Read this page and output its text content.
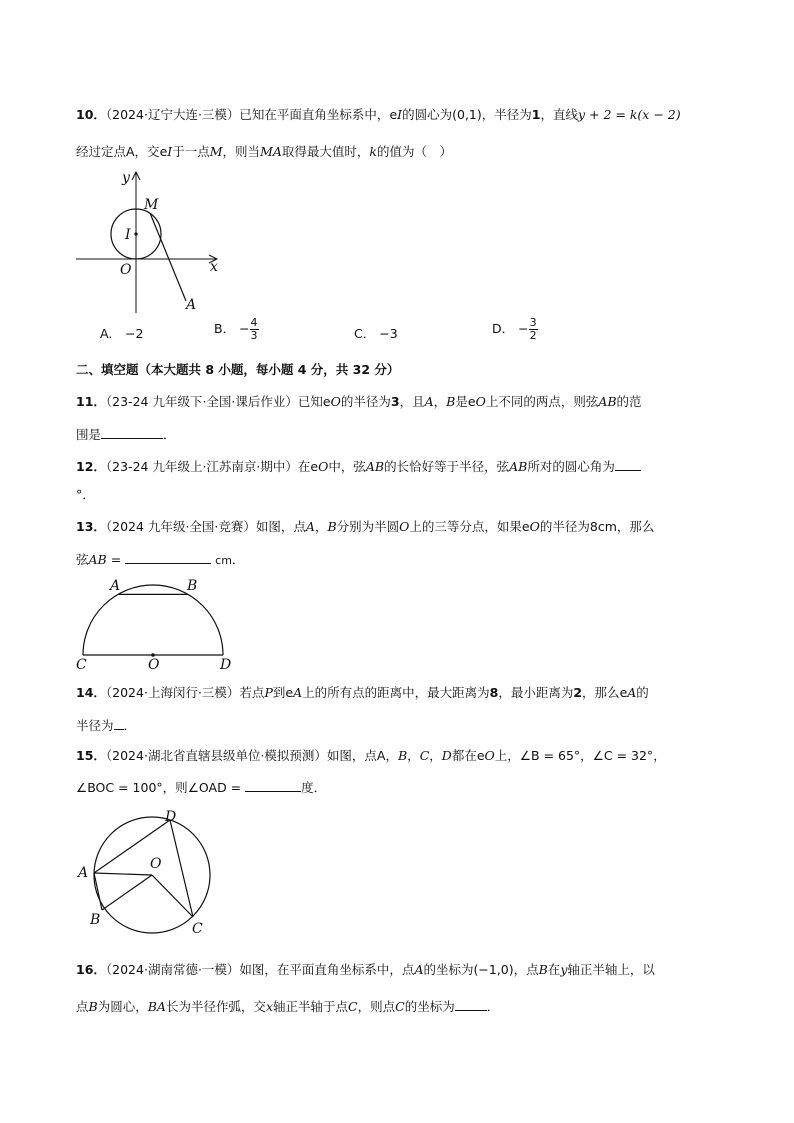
10．（2024·辽宁大连·三模）已知在平面直角坐标系中，eI的圆心为(0,1)，半径为1，直线y + 2 = k(x − 2)
经过定点A，交eI于一点M，则当MA取得最大值时，k的值为（　）
y
x
O
I
M
A
A． −2	B． − $\frac{4}{3}$	C． −3	D． − $\frac{3}{2}$
二、填空题（本大题共 8 小题，每小题 4 分，共 32 分）
11．（23-24 九年级下·全国·课后作业）已知eO的半径为3，且A，B是eO上不同的两点，则弦AB的范
围是	．
12．（23-24 九年级上·江苏南京·期中）在eO中，弦AB的长恰好等于半径，弦AB所对的圆心角为
°．
13．（2024 九年级·全国·竞赛）如图，点A，B分别为半圆O上的三等分点，如果eO的半径为8cm，那么
弦AB =	cm．
A	B
C	O	D
14．（2024·上海闵行·三模）若点P到eA上的所有点的距离中，最大距离为8，最小距离为2，那么eA的
半径为 ．
15．（2024·湖北省直辖县级单位·模拟预测）如图，点A，B，C，D都在eO上，∠B = 65°，∠C = 32°，
∠BOC = 100°，则∠OAD =	度．
D
A
O
B
C
16．（2024·湖南常德·一模）如图，在平面直角坐标系中，点A的坐标为(−1,0)，点B在y轴正半轴上，以
点B为圆心，BA长为半径作弧，交x轴正半轴于点C，则点C的坐标为	．
